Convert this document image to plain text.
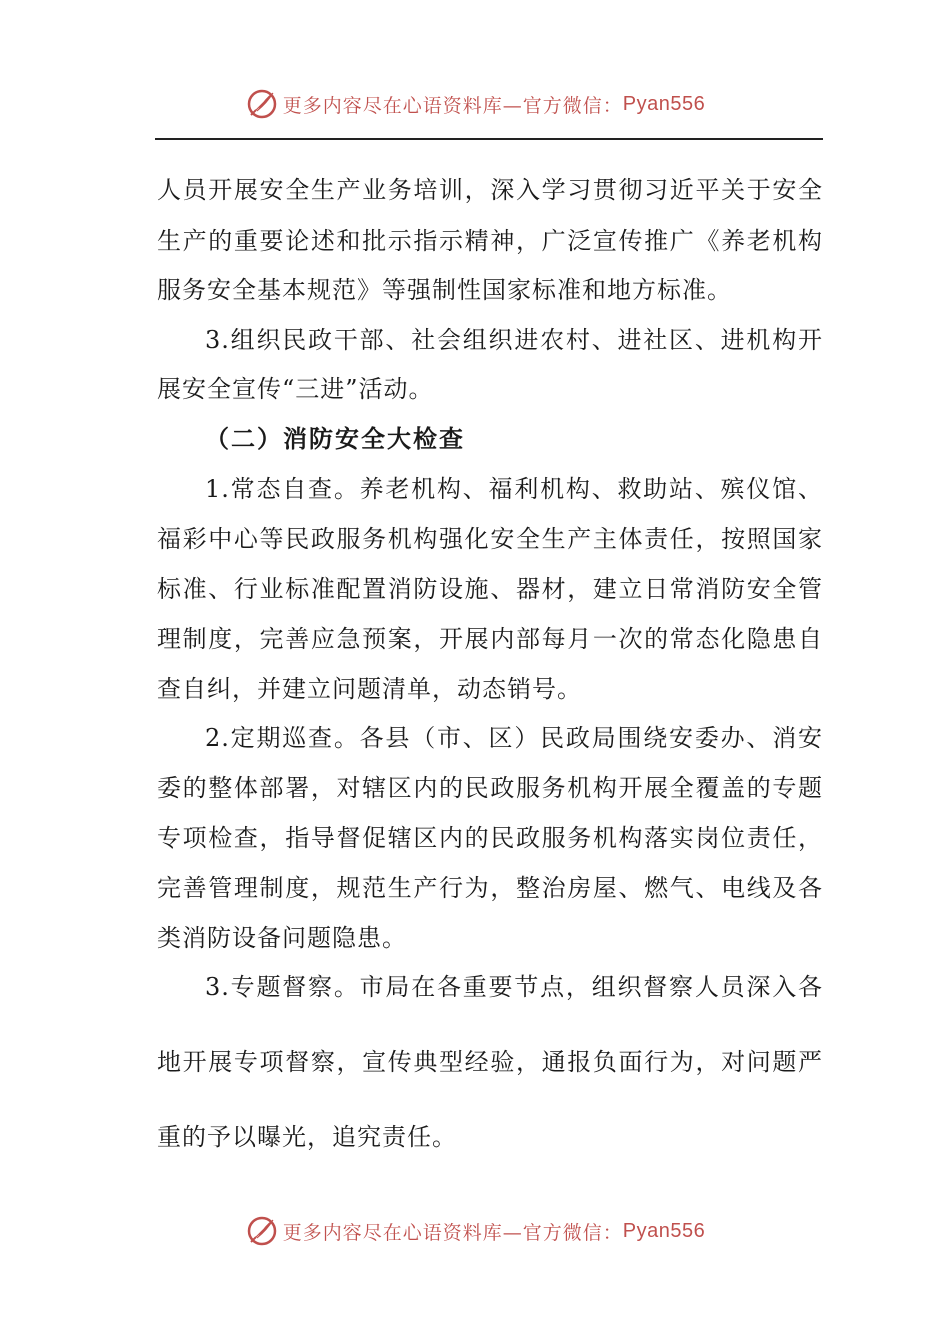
更多内容尽在心语资料库—官方微信： Pyan556
人员开展安全生产业务培训，深入学习贯彻习近平关于安全
生产的重要论述和批示指示精神，广泛宣传推广《养老机构
服务安全基本规范》等强制性国家标准和地方标准。
3.组织民政干部、社会组织进农村、进社区、进机构开
展安全宣传“三进”活动。
（二）消防安全大检查
1.常态自查。养老机构、福利机构、救助站、殡仪馆、
福彩中心等民政服务机构强化安全生产主体责任，按照国家
标准、行业标准配置消防设施、器材，建立日常消防安全管
理制度，完善应急预案，开展内部每月一次的常态化隐患自
查自纠，并建立问题清单，动态销号。
2.定期巡查。各县（市、区）民政局围绕安委办、消安
委的整体部署，对辖区内的民政服务机构开展全覆盖的专题
专项检查，指导督促辖区内的民政服务机构落实岗位责任，
完善管理制度，规范生产行为，整治房屋、燃气、电线及各
类消防设备问题隐患。
3.专题督察。市局在各重要节点，组织督察人员深入各
地开展专项督察，宣传典型经验，通报负面行为，对问题严
重的予以曝光，追究责任。
更多内容尽在心语资料库—官方微信： Pyan556
